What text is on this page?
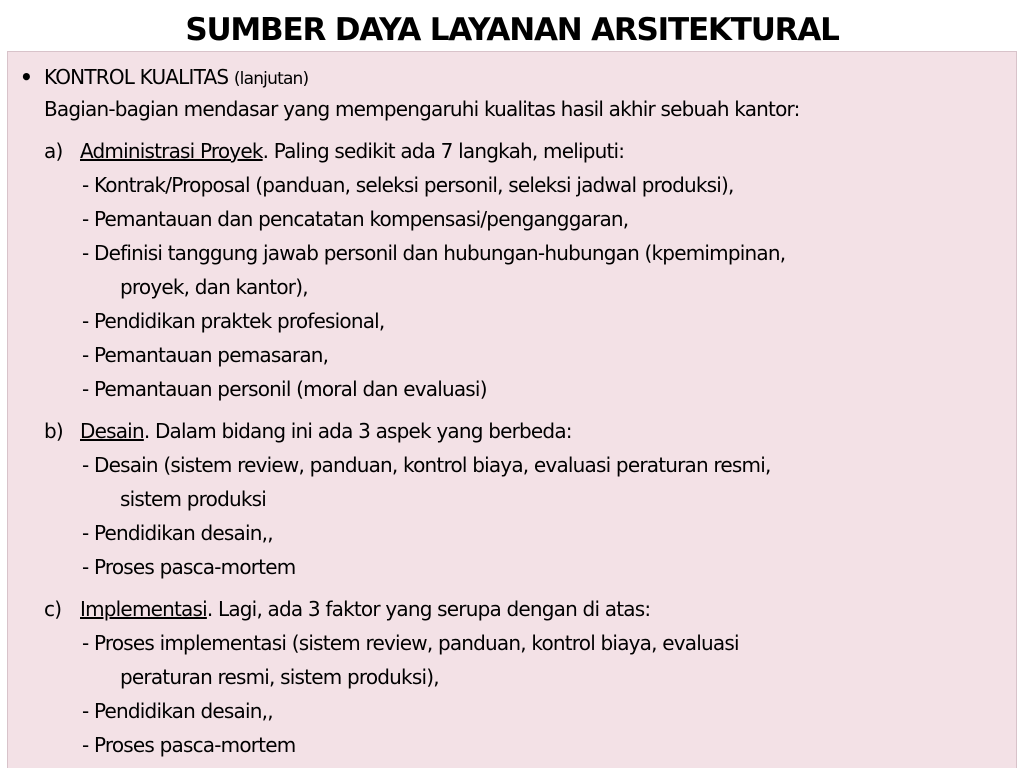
SUMBER DAYA LAYANAN ARSITEKTURAL
• KONTROL KUALITAS (lanjutan)
Bagian-bagian mendasar yang mempengaruhi kualitas hasil akhir sebuah kantor:
a) Administrasi Proyek. Paling sedikit ada 7 langkah, meliputi:
- Kontrak/Proposal (panduan, seleksi personil, seleksi jadwal produksi),
- Pemantauan dan pencatatan kompensasi/penganggaran,
- Definisi tanggung jawab personil dan hubungan-hubungan (kpemimpinan,
proyek, dan kantor),
- Pendidikan praktek profesional,
- Pemantauan pemasaran,
- Pemantauan personil (moral dan evaluasi)
b) Desain. Dalam bidang ini ada 3 aspek yang berbeda:
- Desain (sistem review, panduan, kontrol biaya, evaluasi peraturan resmi,
sistem produksi
- Pendidikan desain,,
- Proses pasca-mortem
c) Implementasi. Lagi, ada 3 faktor yang serupa dengan di atas:
- Proses implementasi (sistem review, panduan, kontrol biaya, evaluasi
peraturan resmi, sistem produksi),
- Pendidikan desain,,
- Proses pasca-mortem
